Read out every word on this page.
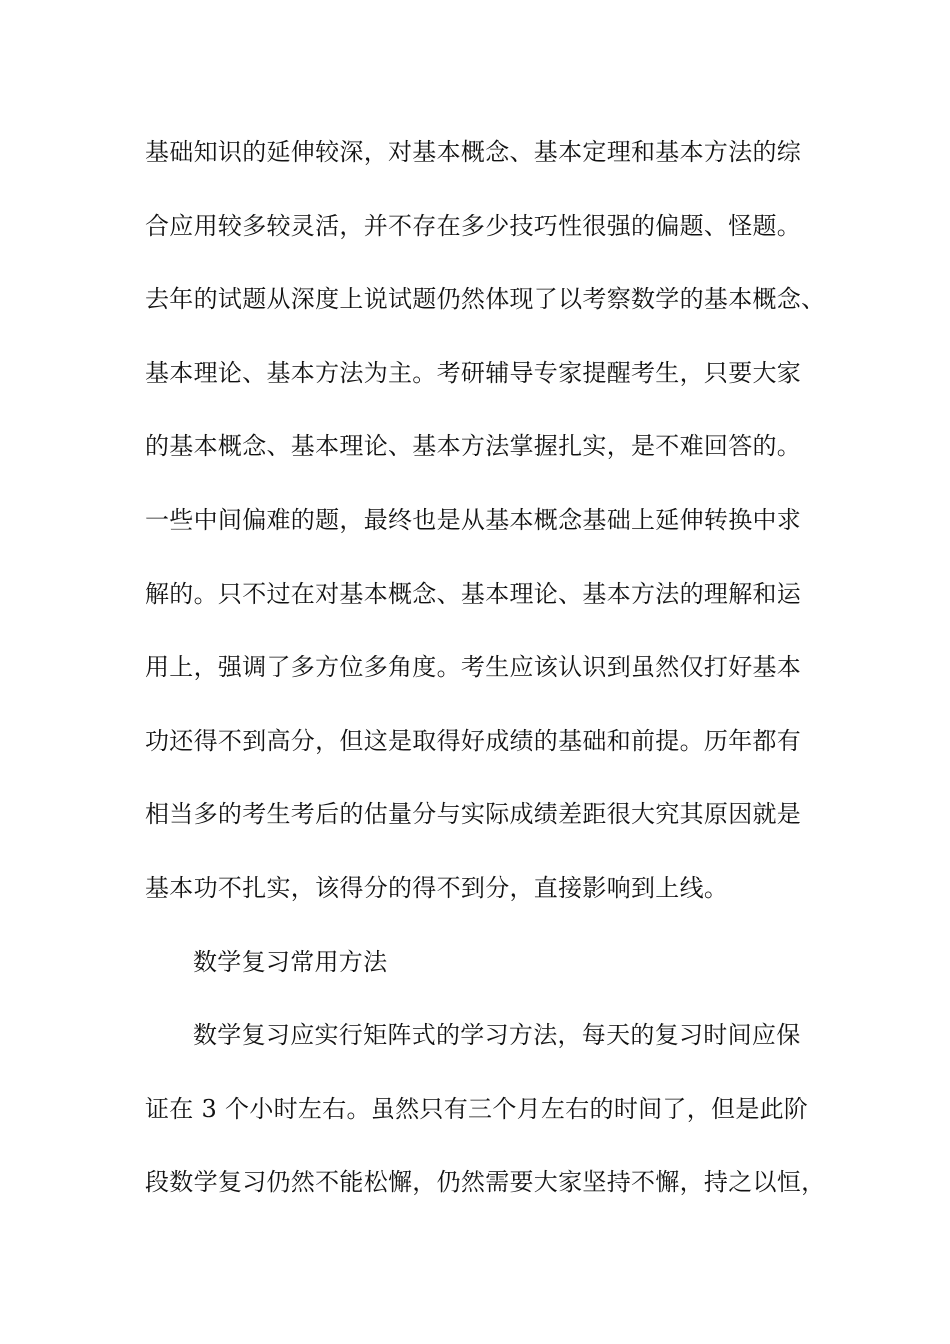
基础知识的延伸较深，对基本概念、基本定理和基本方法的综
合应用较多较灵活，并不存在多少技巧性很强的偏题、怪题。
去年的试题从深度上说试题仍然体现了以考察数学的基本概念、
基本理论、基本方法为主。考研辅导专家提醒考生，只要大家
的基本概念、基本理论、基本方法掌握扎实，是不难回答的。
一些中间偏难的题，最终也是从基本概念基础上延伸转换中求
解的。只不过在对基本概念、基本理论、基本方法的理解和运
用上，强调了多方位多角度。考生应该认识到虽然仅打好基本
功还得不到高分，但这是取得好成绩的基础和前提。历年都有
相当多的考生考后的估量分与实际成绩差距很大究其原因就是
基本功不扎实，该得分的得不到分，直接影响到上线。
数学复习常用方法
数学复习应实行矩阵式的学习方法，每天的复习时间应保
证在 3 个小时左右。虽然只有三个月左右的时间了，但是此阶
段数学复习仍然不能松懈，仍然需要大家坚持不懈，持之以恒，
